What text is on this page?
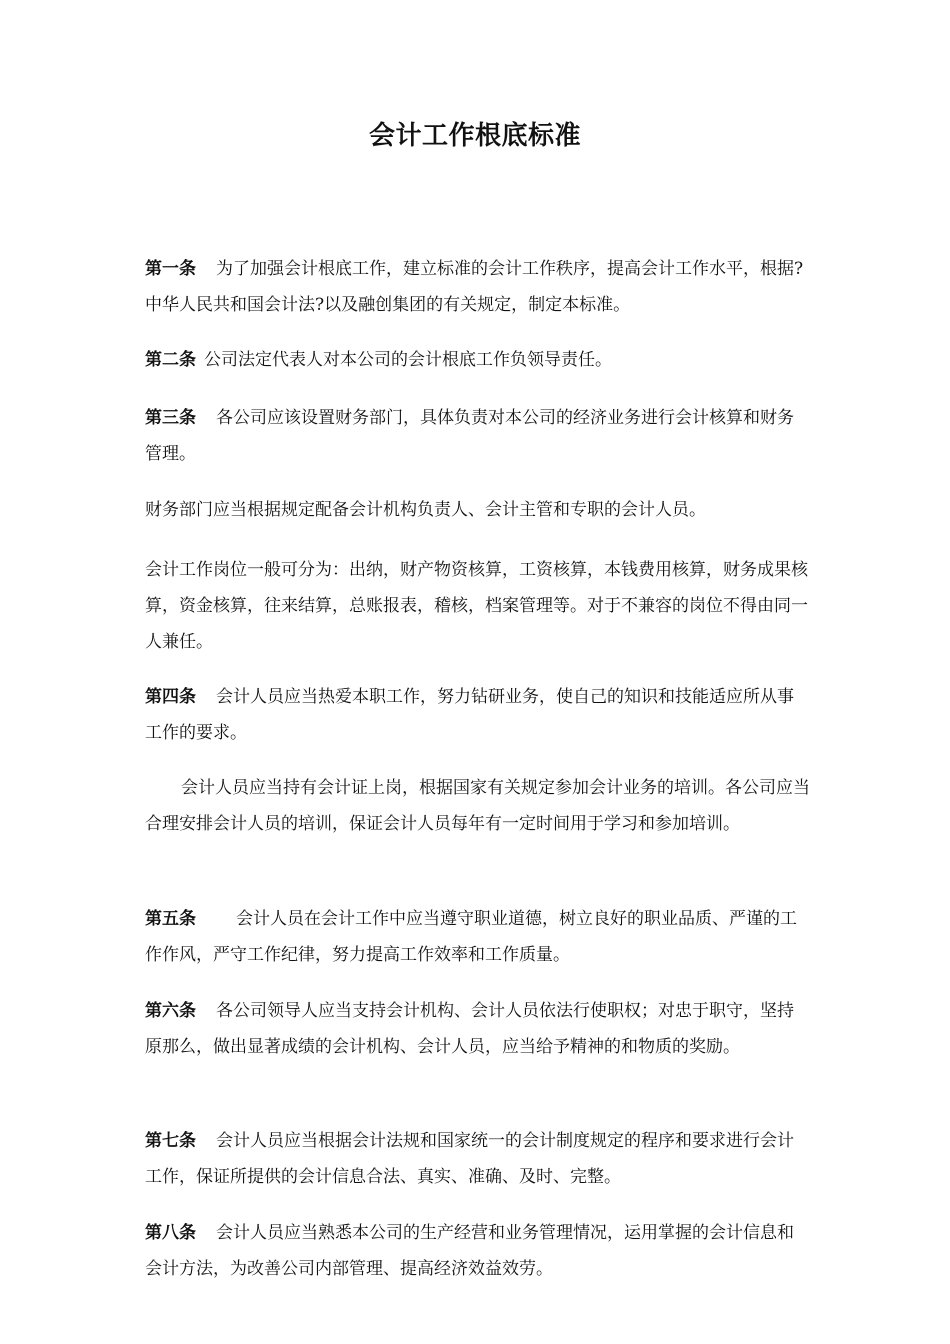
会计工作根底标准

第一条 为了加强会计根底工作，建立标准的会计工作秩序，提高会计工作水平，根据?中华人民共和国会计法?以及融创集团的有关规定，制定本标准。

第二条 公司法定代表人对本公司的会计根底工作负领导责任。

第三条 各公司应该设置财务部门，具体负责对本公司的经济业务进行会计核算和财务管理。

财务部门应当根据规定配备会计机构负责人、会计主管和专职的会计人员。

会计工作岗位一般可分为：出纳，财产物资核算，工资核算，本钱费用核算，财务成果核算，资金核算，往来结算，总账报表，稽核，档案管理等。对于不兼容的岗位不得由同一人兼任。

第四条 会计人员应当热爱本职工作，努力钻研业务，使自己的知识和技能适应所从事工作的要求。

会计人员应当持有会计证上岗，根据国家有关规定参加会计业务的培训。各公司应当合理安排会计人员的培训，保证会计人员每年有一定时间用于学习和参加培训。

第五条 会计人员在会计工作中应当遵守职业道德，树立良好的职业品质、严谨的工作作风，严守工作纪律，努力提高工作效率和工作质量。

第六条 各公司领导人应当支持会计机构、会计人员依法行使职权；对忠于职守，坚持原那么，做出显著成绩的会计机构、会计人员，应当给予精神的和物质的奖励。

第七条 会计人员应当根据会计法规和国家统一的会计制度规定的程序和要求进行会计工作，保证所提供的会计信息合法、真实、准确、及时、完整。

第八条 会计人员应当熟悉本公司的生产经营和业务管理情况，运用掌握的会计信息和会计方法，为改善公司内部管理、提高经济效益效劳。
